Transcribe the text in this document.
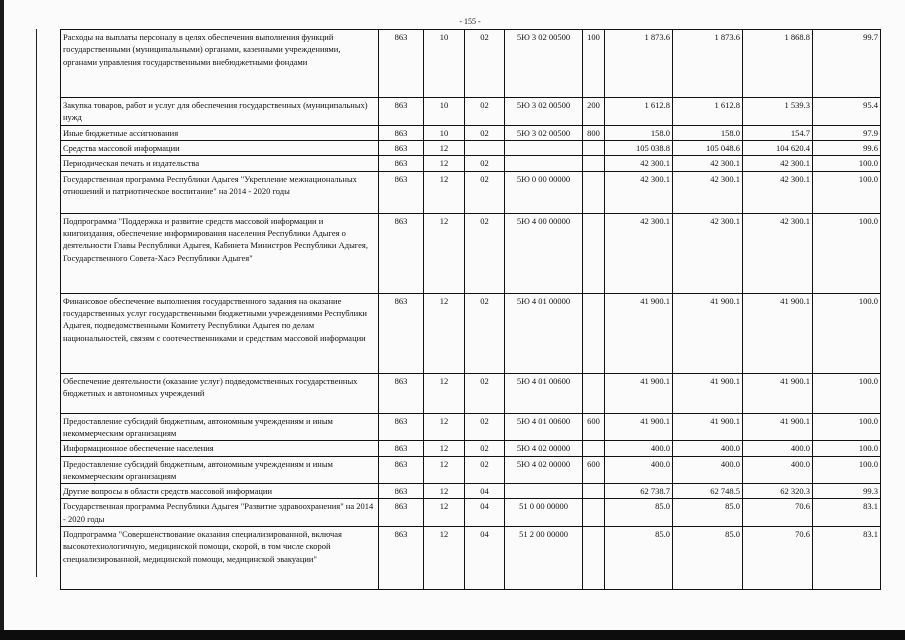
- 155 -
Расходы на выплаты персоналу в целях обеспечения выполнения функций государственными (муниципальными) органами, казенными учреждениями, органами управления государственными внебюджетными фондами	863	10	02	5Ю 3 02 00500	100	1 873.6	1 873.6	1 868.8	99.7
Закупка товаров, работ и услуг для обеспечения государственных (муниципальных) нужд	863	10	02	5Ю 3 02 00500	200	1 612.8	1 612.8	1 539.3	95.4
Иные бюджетные ассигнования	863	10	02	5Ю 3 02 00500	800	158.0	158.0	154.7	97.9
Средства массовой информации	863	12				105 038.8	105 048.6	104 620.4	99.6
Периодическая печать и издательства	863	12	02			42 300.1	42 300.1	42 300.1	100.0
Государственная программа Республики Адыгея "Укрепление межнациональных отношений и патриотическое воспитание" на 2014 - 2020 годы	863	12	02	5Ю 0 00 00000		42 300.1	42 300.1	42 300.1	100.0
Подпрограмма "Поддержка и развитие средств массовой информации и книгоиздания, обеспечение информирования населения Республики Адыгея о деятельности Главы Республики Адыгея, Кабинета Министров Республики Адыгея, Государственного Совета-Хасэ Республики Адыгея"	863	12	02	5Ю 4 00 00000		42 300.1	42 300.1	42 300.1	100.0
Финансовое обеспечение выполнения государственного задания на оказание государственных услуг государственными бюджетными учреждениями Республики Адыгея, подведомственными Комитету Республики Адыгея по делам национальностей, связям с соотечественниками и средствам массовой информации	863	12	02	5Ю 4 01 00000		41 900.1	41 900.1	41 900.1	100.0
Обеспечение деятельности (оказание услуг) подведомственных государственных бюджетных и автономных учреждений	863	12	02	5Ю 4 01 00600		41 900.1	41 900.1	41 900.1	100.0
Предоставление субсидий бюджетным, автономным учреждениям и иным некоммерческим организациям	863	12	02	5Ю 4 01 00600	600	41 900.1	41 900.1	41 900.1	100.0
Информационное обеспечение населения	863	12	02	5Ю 4 02 00000		400.0	400.0	400.0	100.0
Предоставление субсидий бюджетным, автономным учреждениям и иным некоммерческим организациям	863	12	02	5Ю 4 02 00000	600	400.0	400.0	400.0	100.0
Другие вопросы в области средств массовой информации	863	12	04			62 738.7	62 748.5	62 320.3	99.3
Государственная программа Республики Адыгея "Развитие здравоохранения" на 2014 - 2020 годы	863	12	04	51 0 00 00000		85.0	85.0	70.6	83.1
Подпрограмма "Совершенствование оказания специализированной, включая высокотехнологичную, медицинской помощи, скорой, в том числе скорой специализированной, медицинской помощи, медицинской эвакуации"	863	12	04	51 2 00 00000		85.0	85.0	70.6	83.1
